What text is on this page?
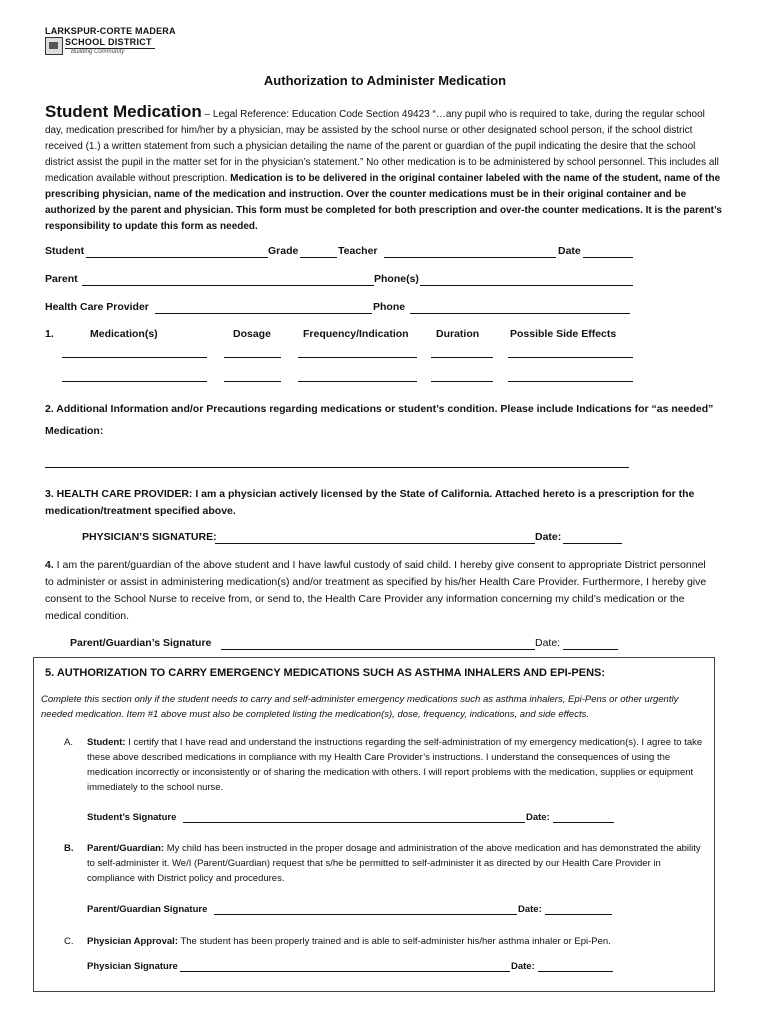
LARKSPUR-CORTE MADERA
SCHOOL DISTRICT
Building Community
Authorization to Administer Medication
Student Medication – Legal Reference: Education Code Section 49423 “…any pupil who is required to take, during the regular school day, medication prescribed for him/her by a physician, may be assisted by the school nurse or other designated school person, if the school district received (1.) a written statement from such a physician detailing the name of the parent or guardian of the pupil indicating the desire that the school district assist the pupil in the matter set for in the physician’s statement.” No other medication is to be administered by school personnel. This includes all medication available without prescription. Medication is to be delivered in the original container labeled with the name of the student, name of the prescribing physician, name of the medication and instruction. Over the counter medications must be in their original container and be authorized by the parent and physician. This form must be completed for both prescription and over-the counter medications. It is the parent’s responsibility to update this form as needed.
Student	Grade	Teacher	Date
Parent	Phone(s)
Health Care Provider	Phone
1.	Medication(s)	Dosage	Frequency/Indication	Duration	Possible Side Effects
2. Additional Information and/or Precautions regarding medications or student’s condition. Please include Indications for “as needed” Medication:
3. HEALTH CARE PROVIDER: I am a physician actively licensed by the State of California. Attached hereto is a prescription for the medication/treatment specified above.
PHYSICIAN’S SIGNATURE:	Date:
4. I am the parent/guardian of the above student and I have lawful custody of said child. I hereby give consent to appropriate District personnel to administer or assist in administering medication(s) and/or treatment as specified by his/her Health Care Provider. Furthermore, I hereby give consent to the School Nurse to receive from, or send to, the Health Care Provider any information concerning my child’s medication or the medical condition.
Parent/Guardian’s Signature	Date:
5. AUTHORIZATION TO CARRY EMERGENCY MEDICATIONS SUCH AS ASTHMA INHALERS AND EPI-PENS:
Complete this section only if the student needs to carry and self-administer emergency medications such as asthma inhalers, Epi-Pens or other urgently needed medication. Item #1 above must also be completed listing the medication(s), dose, frequency, indications, and side effects.
A. Student: I certify that I have read and understand the instructions regarding the self-administration of my emergency medication(s). I agree to take these above described medications in compliance with my Health Care Provider’s instructions. I understand the consequences of using the medication incorrectly or inconsistently or of sharing the medication with others. I will report problems with the medication, supplies or equipment immediately to the school nurse.
Student’s Signature	Date:
B. Parent/Guardian: My child has been instructed in the proper dosage and administration of the above medication and has demonstrated the ability to self-administer it. We/I (Parent/Guardian) request that s/he be permitted to self-administer it as directed by our Health Care Provider in compliance with District policy and procedures.
Parent/Guardian Signature	Date:
C. Physician Approval: The student has been properly trained and is able to self-administer his/her asthma inhaler or Epi-Pen.
Physician Signature	Date:
